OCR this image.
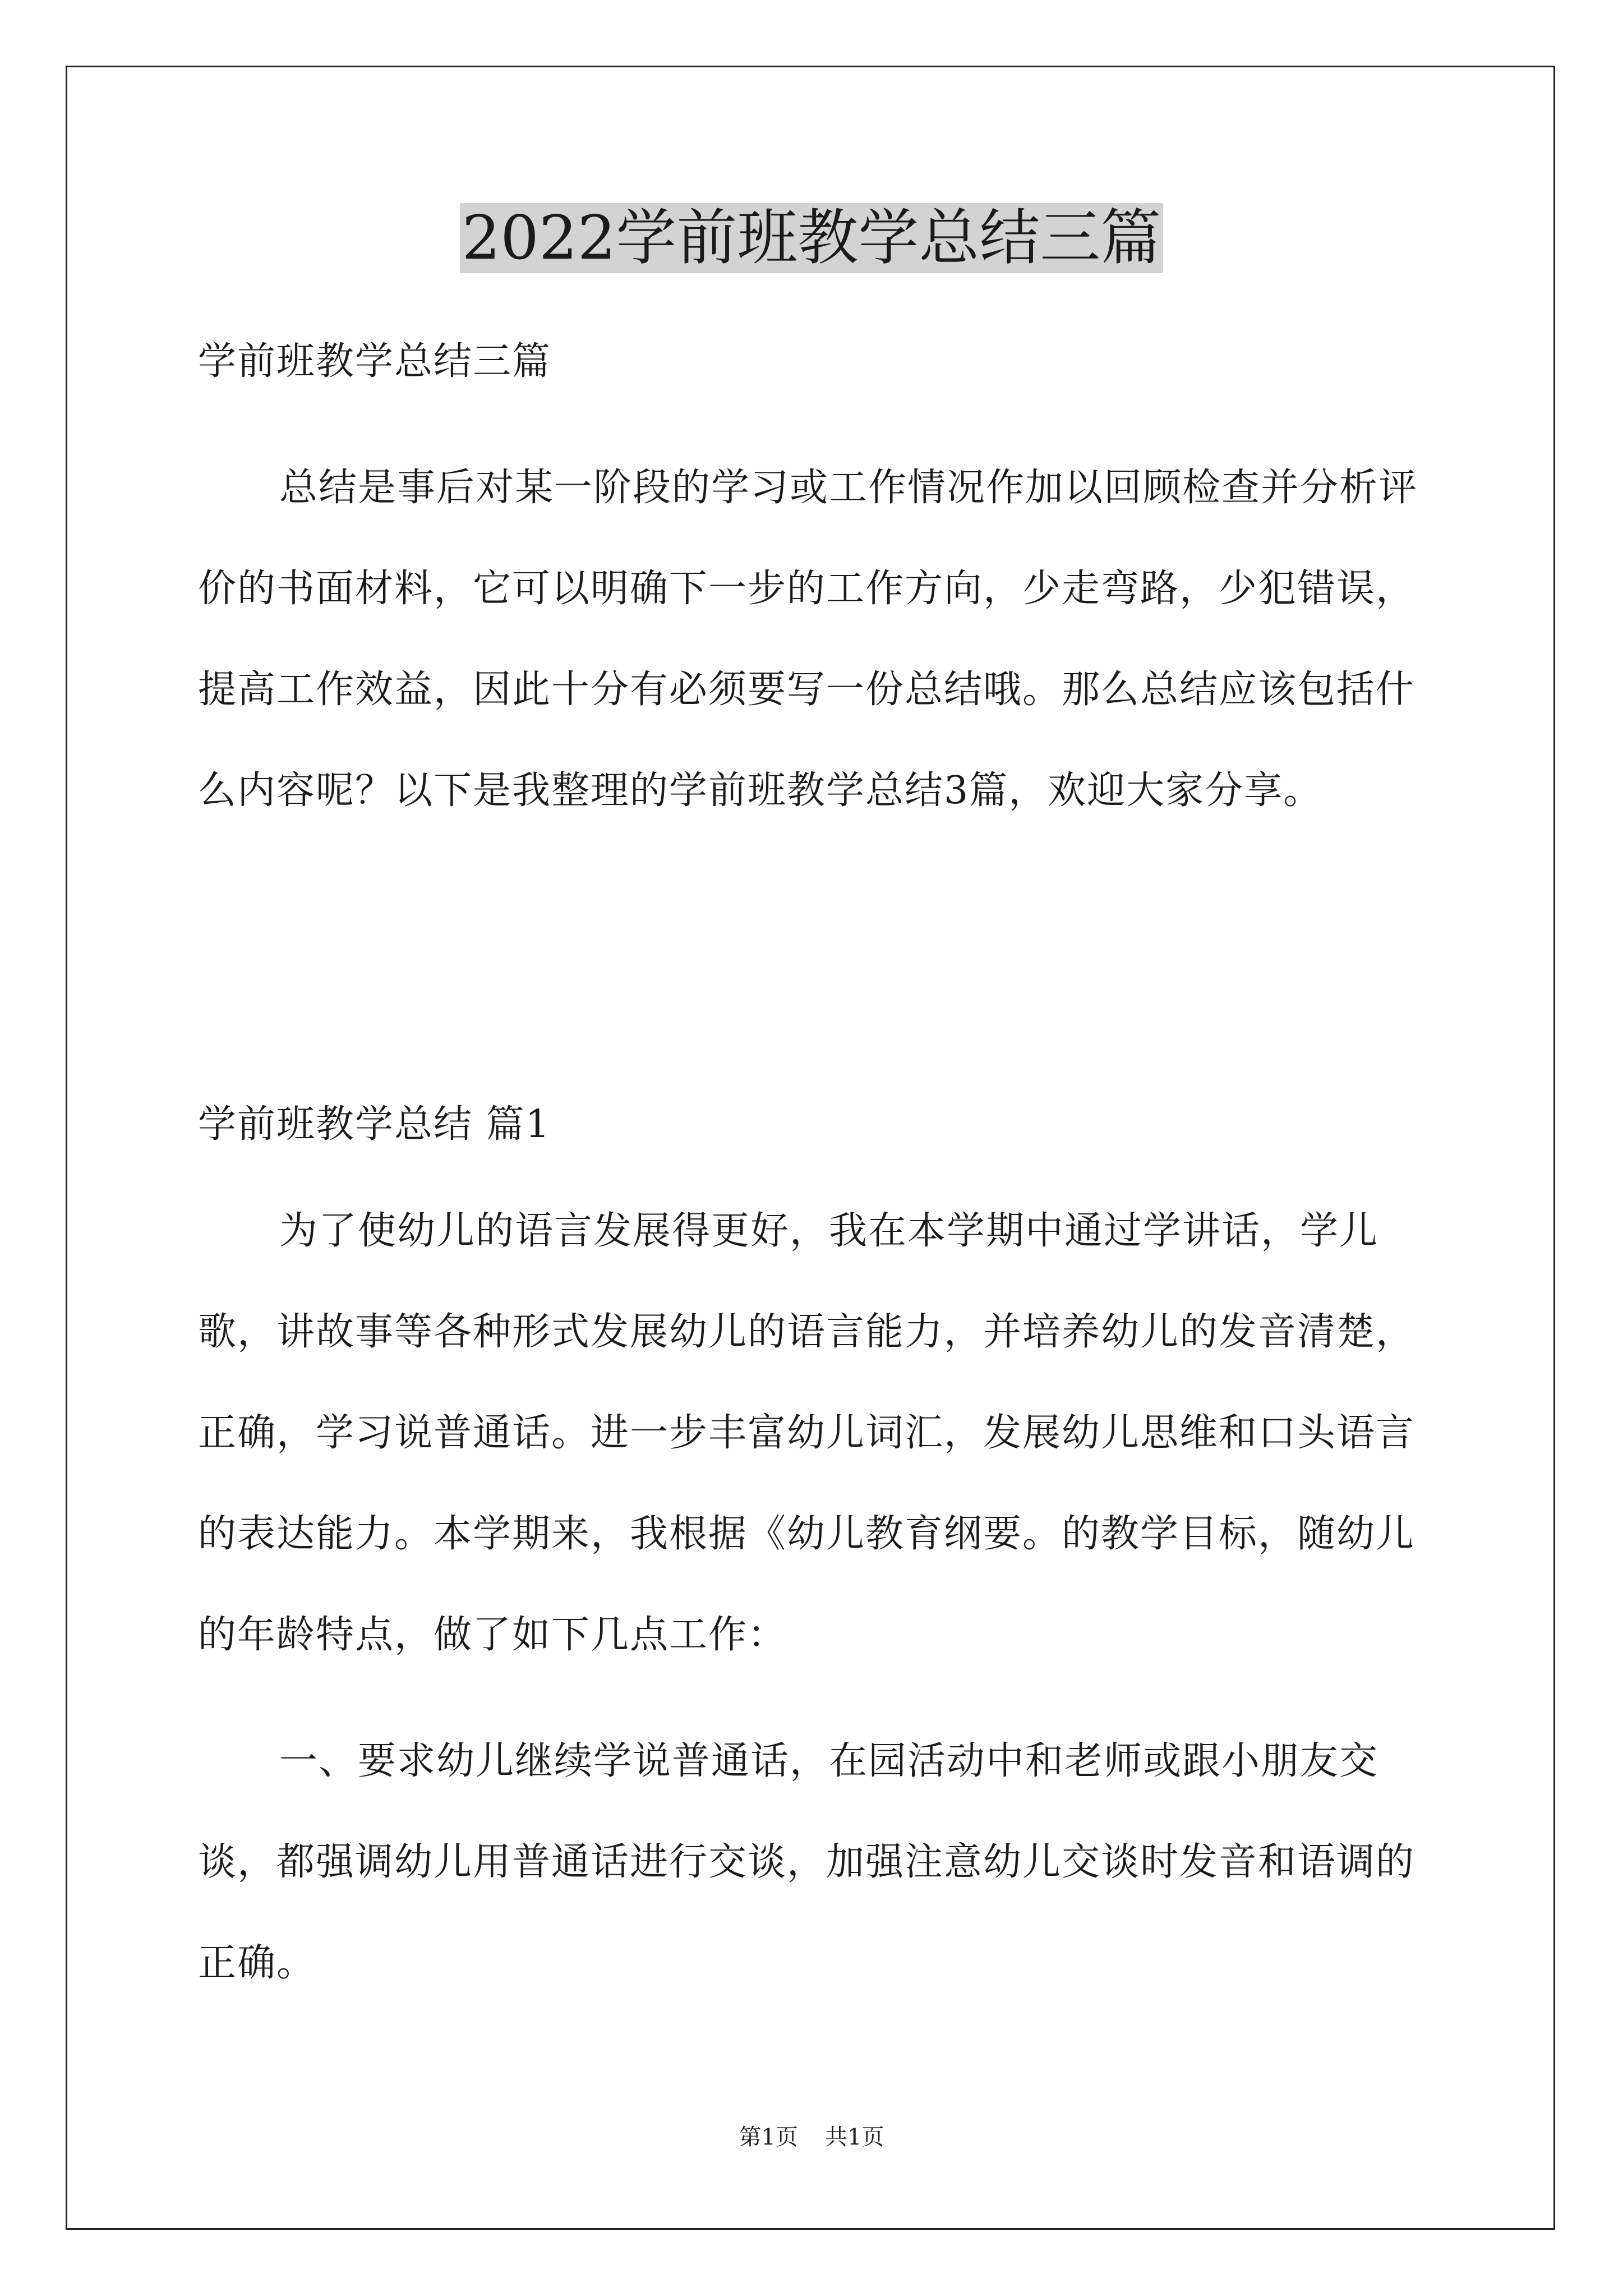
2022学前班教学总结三篇

学前班教学总结三篇

总结是事后对某一阶段的学习或工作情况作加以回顾检查并分析评价的书面材料，它可以明确下一步的工作方向，少走弯路，少犯错误，提高工作效益，因此十分有必须要写一份总结哦。那么总结应该包括什么内容呢？以下是我整理的学前班教学总结3篇，欢迎大家分享。

学前班教学总结 篇1

为了使幼儿的语言发展得更好，我在本学期中通过学讲话，学儿歌，讲故事等各种形式发展幼儿的语言能力，并培养幼儿的发音清楚，正确，学习说普通话。进一步丰富幼儿词汇，发展幼儿思维和口头语言的表达能力。本学期来，我根据《幼儿教育纲要。的教学目标，随幼儿的年龄特点，做了如下几点工作：

一、要求幼儿继续学说普通话，在园活动中和老师或跟小朋友交谈，都强调幼儿用普通话进行交谈，加强注意幼儿交谈时发音和语调的正确。

第1页 共1页
